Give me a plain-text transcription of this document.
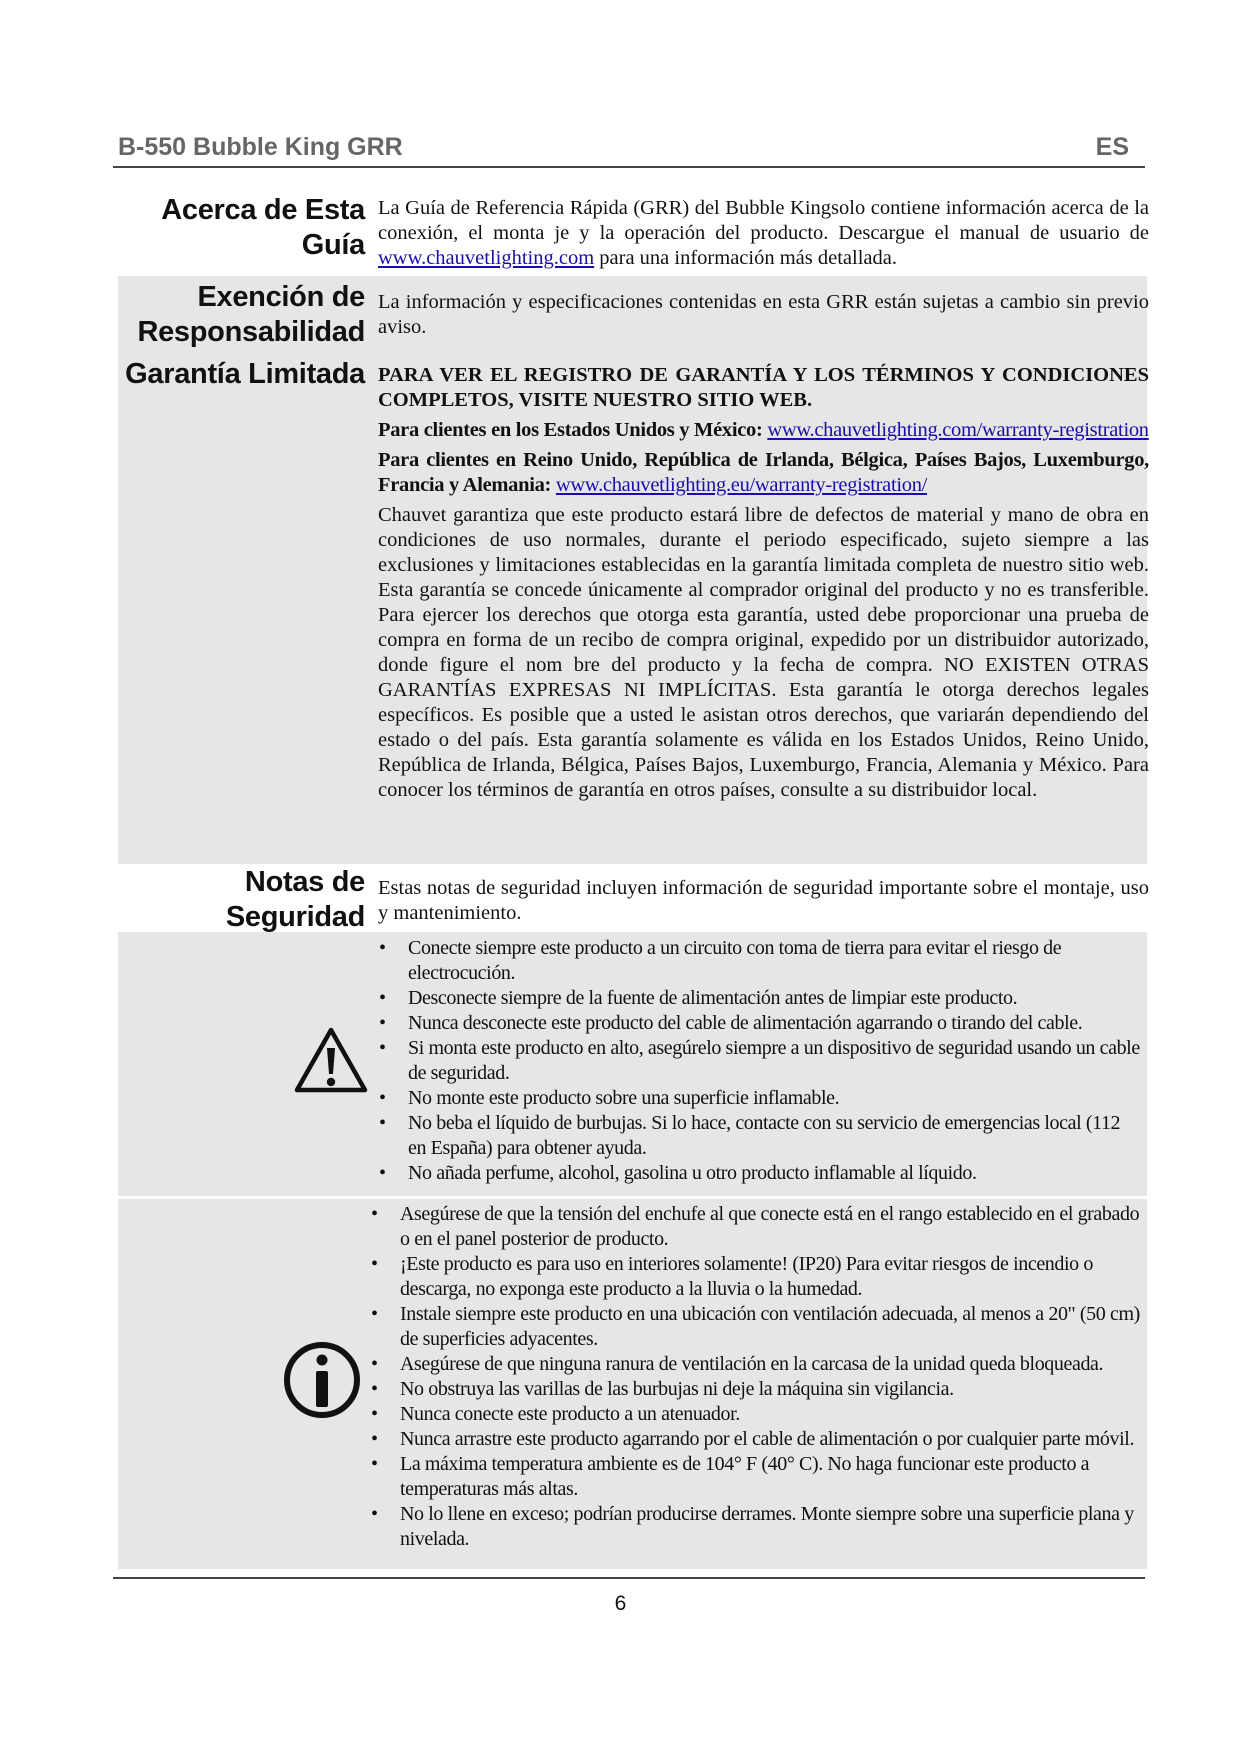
B-550 Bubble King GRR	ES
Acerca de Esta
Guía

La Guía de Referencia Rápida (GRR) del Bubble Kingsolo contiene información acerca de la conexión, el monta je y la operación del producto. Descargue el manual de usuario de www.chauvetlighting.com para una información más detallada.

Exención de
Responsabilidad

La información y especificaciones contenidas en esta GRR están sujetas a cambio sin previo aviso.

Garantía Limitada PARA VER EL REGISTRO DE GARANTÍA Y LOS TÉRMINOS Y CONDICIONES COMPLETOS, VISITE NUESTRO SITIO WEB.

Para clientes en los Estados Unidos y México: www.chauvetlighting.com/warranty-registration

Para clientes en Reino Unido, República de Irlanda, Bélgica, Países Bajos, Luxemburgo, Francia y Alemania: www.chauvetlighting.eu/warranty-registration/

Chauvet garantiza que este producto estará libre de defectos de material y mano de obra en condiciones de uso normales, durante el periodo especificado, sujeto siempre a las exclusiones y limitaciones establecidas en la garantía limitada completa de nuestro sitio web. Esta garantía se concede únicamente al comprador original del producto y no es transferible. Para ejercer los derechos que otorga esta garantía, usted debe proporcionar una prueba de compra en forma de un recibo de compra original, expedido por un distribuidor autorizado, donde figure el nom bre del producto y la fecha de compra. NO EXISTEN OTRAS GARANTÍAS EXPRESAS NI IMPLÍCITAS. Esta garantía le otorga derechos legales específicos. Es posible que a usted le asistan otros derechos, que variarán dependiendo del estado o del país. Esta garantía solamente es válida en los Estados Unidos, Reino Unido, República de Irlanda, Bélgica, Países Bajos, Luxemburgo, Francia, Alemania y México. Para conocer los términos de garantía en otros países, consulte a su distribuidor local.

Notas de
Seguridad

Estas notas de seguridad incluyen información de seguridad importante sobre el montaje, uso y mantenimiento.

• Conecte siempre este producto a un circuito con toma de tierra para evitar el riesgo de electrocución.
• Desconecte siempre de la fuente de alimentación antes de limpiar este producto.
• Nunca desconecte este producto del cable de alimentación agarrando o tirando del cable.
• Si monta este producto en alto, asegúrelo siempre a un dispositivo de seguridad usando un cable de seguridad.
• No monte este producto sobre una superficie inflamable.
• No beba el líquido de burbujas. Si lo hace, contacte con su servicio de emergencias local (112 en España) para obtener ayuda.
• No añada perfume, alcohol, gasolina u otro producto inflamable al líquido.
• Asegúrese de que la tensión del enchufe al que conecte está en el rango establecido en el grabado o en el panel posterior de producto.
• ¡Este producto es para uso en interiores solamente! (IP20) Para evitar riesgos de incendio o descarga, no exponga este producto a la lluvia o la humedad.
• Instale siempre este producto en una ubicación con ventilación adecuada, al menos a 20" (50 cm) de superficies adyacentes.
• Asegúrese de que ninguna ranura de ventilación en la carcasa de la unidad queda bloqueada.
• No obstruya las varillas de las burbujas ni deje la máquina sin vigilancia.
• Nunca conecte este producto a un atenuador.
• Nunca arrastre este producto agarrando por el cable de alimentación o por cualquier parte móvil.
• La máxima temperatura ambiente es de 104° F (40° C). No haga funcionar este producto a temperaturas más altas.
• No lo llene en exceso; podrían producirse derrames. Monte siempre sobre una superficie plana y nivelada.
6
